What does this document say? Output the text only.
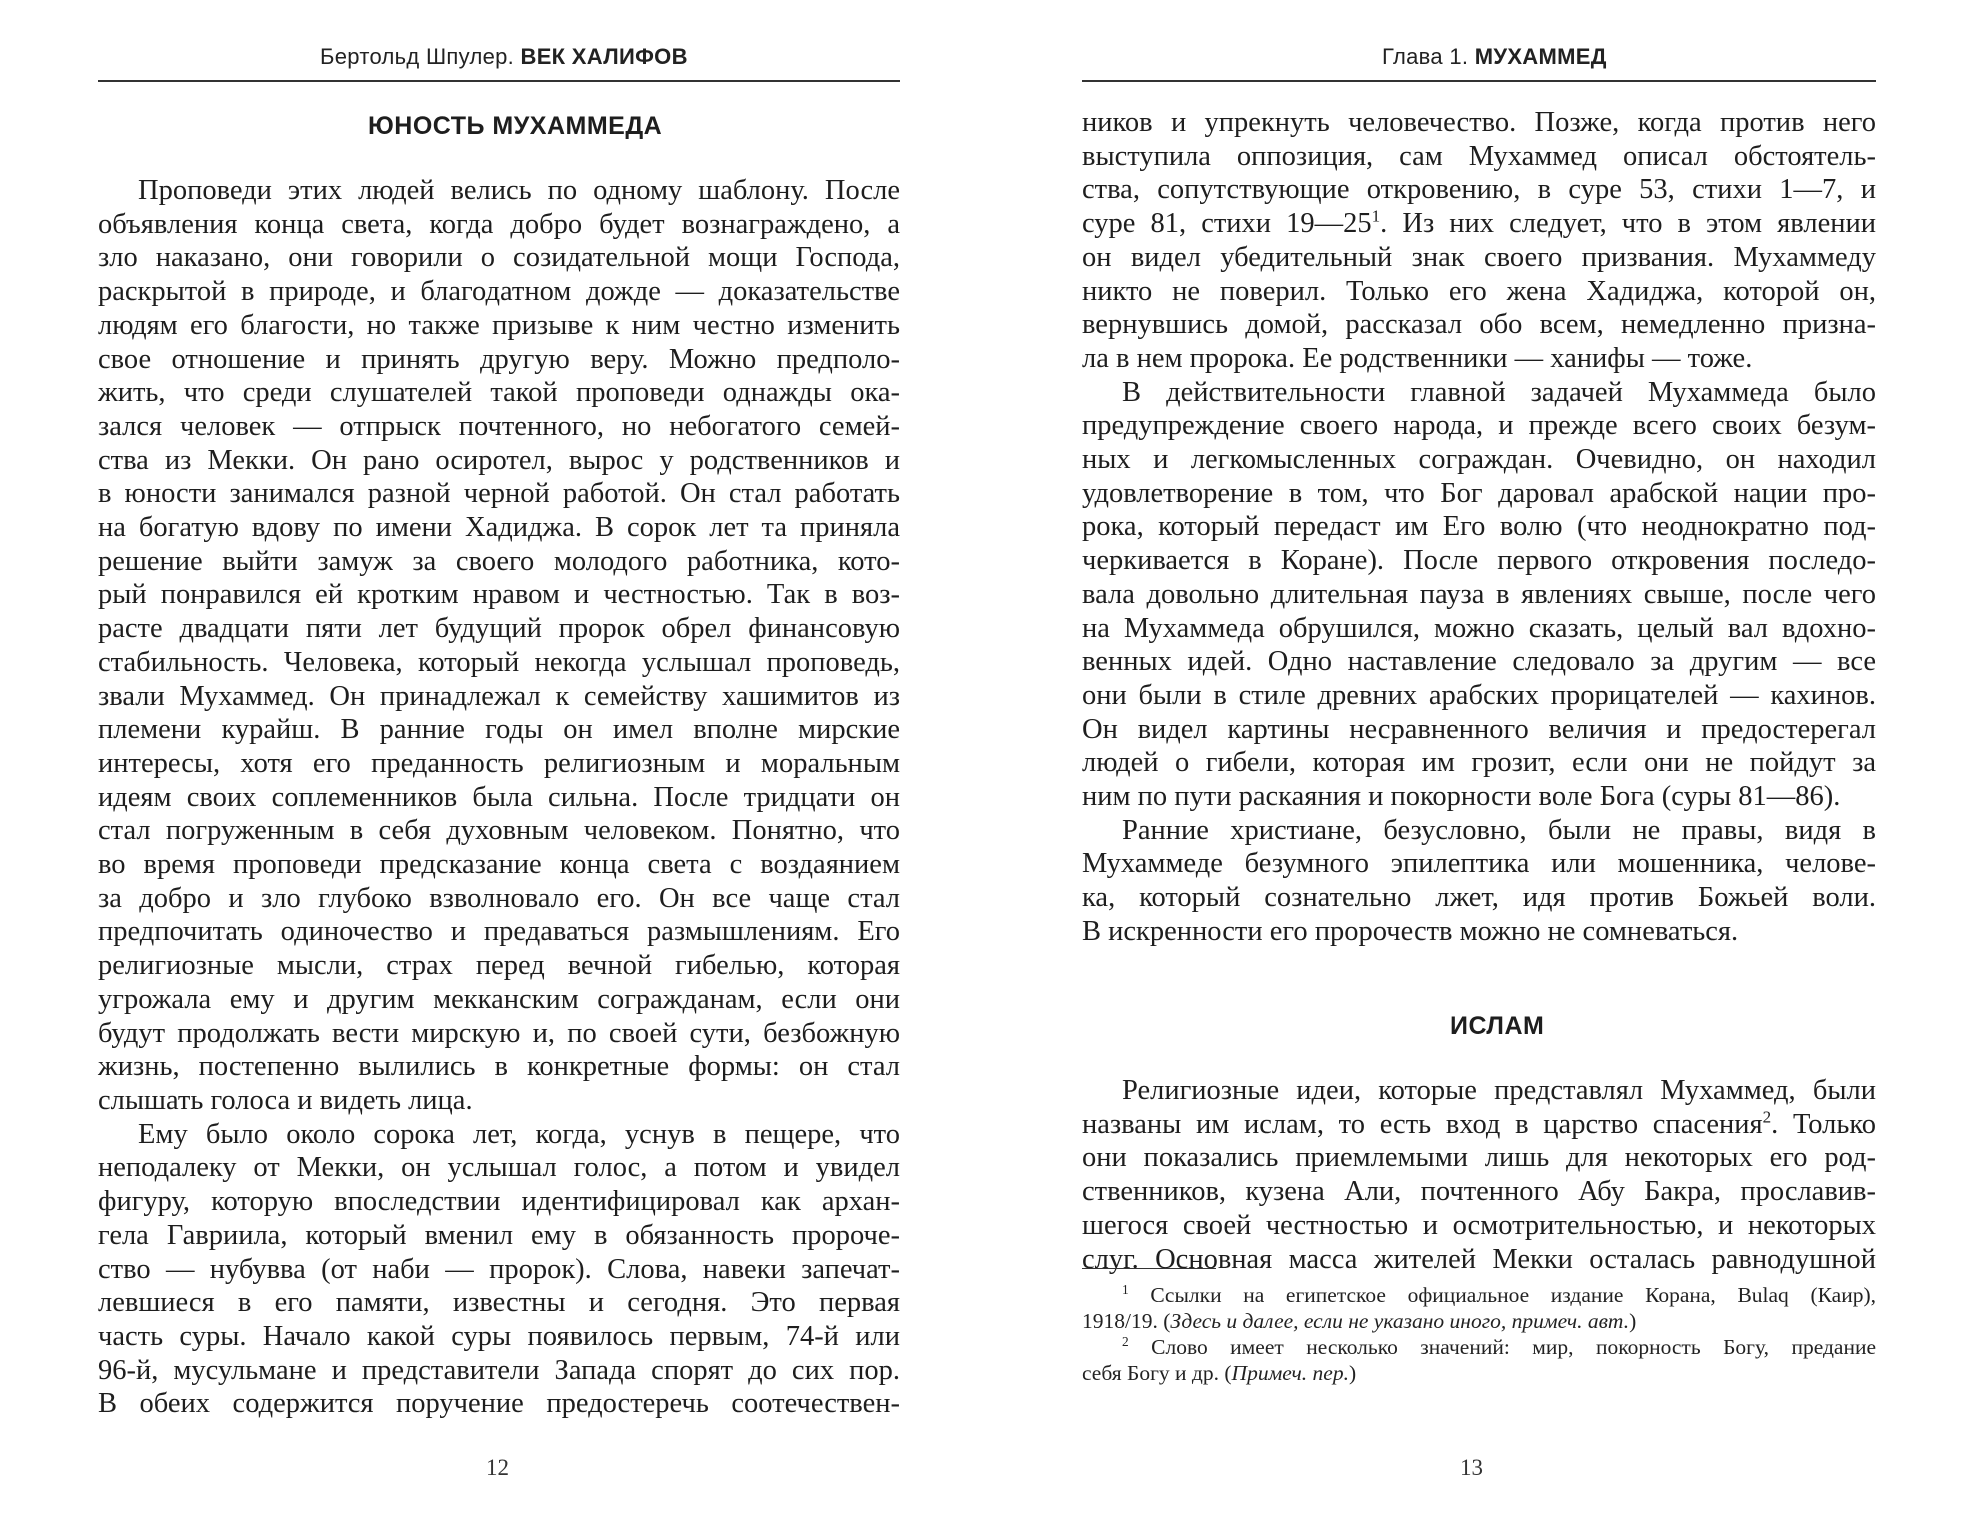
Бертольд Шпулер. ВЕК ХАЛИФОВ
ЮНОСТЬ МУХАММЕДА
Проповеди этих людей велись по одному шаблону. После
объявления конца света, когда добро будет вознаграждено, а
зло наказано, они говорили о созидательной мощи Господа,
раскрытой в природе, и благодатном дожде — доказательстве
людям его благости, но также призыве к ним честно изменить
свое отношение и принять другую веру. Можно предполо-
жить, что среди слушателей такой проповеди однажды ока-
зался человек — отпрыск почтенного, но небогатого семей-
ства из Мекки. Он рано осиротел, вырос у родственников и
в юности занимался разной черной работой. Он стал работать
на богатую вдову по имени Хадиджа. В сорок лет та приняла
решение выйти замуж за своего молодого работника, кото-
рый понравился ей кротким нравом и честностью. Так в воз-
расте двадцати пяти лет будущий пророк обрел финансовую
стабильность. Человека, который некогда услышал проповедь,
звали Мухаммед. Он принадлежал к семейству хашимитов из
племени курайш. В ранние годы он имел вполне мирские
интересы, хотя его преданность религиозным и моральным
идеям своих соплеменников была сильна. После тридцати он
стал погруженным в себя духовным человеком. Понятно, что
во время проповеди предсказание конца света с воздаянием
за добро и зло глубоко взволновало его. Он все чаще стал
предпочитать одиночество и предаваться размышлениям. Его
религиозные мысли, страх перед вечной гибелью, которая
угрожала ему и другим мекканским согражданам, если они
будут продолжать вести мирскую и, по своей сути, безбожную
жизнь, постепенно вылились в конкретные формы: он стал
слышать голоса и видеть лица.
Ему было около сорока лет, когда, уснув в пещере, что
неподалеку от Мекки, он услышал голос, а потом и увидел
фигуру, которую впоследствии идентифицировал как архан-
гела Гавриила, который вменил ему в обязанность пророче-
ство — нубувва (от наби — пророк). Слова, навеки запечат-
левшиеся в его памяти, известны и сегодня. Это первая
часть суры. Начало какой суры появилось первым, 74-й или
96-й, мусульмане и представители Запада спорят до сих пор.
В обеих содержится поручение предостеречь соотечествен-
12
Глава 1. МУХАММЕД
ников и упрекнуть человечество. Позже, когда против него
выступила оппозиция, сам Мухаммед описал обстоятель-
ства, сопутствующие откровению, в суре 53, стихи 1—7, и
суре 81, стихи $19—25^1$. Из них следует, что в этом явлении
он видел убедительный знак своего призвания. Мухаммеду
никто не поверил. Только его жена Хадиджа, которой он,
вернувшись домой, рассказал обо всем, немедленно призна-
ла в нем пророка. Ее родственники — ханифы — тоже.
В действительности главной задачей Мухаммеда было
предупреждение своего народа, и прежде всего своих безум-
ных и легкомысленных сограждан. Очевидно, он находил
удовлетворение в том, что Бог даровал арабской нации про-
рока, который передаст им Его волю (что неоднократно под-
черкивается в Коране). После первого откровения последо-
вала довольно длительная пауза в явлениях свыше, после чего
на Мухаммеда обрушился, можно сказать, целый вал вдохно-
венных идей. Одно наставление следовало за другим — все
они были в стиле древних арабских прорицателей — кахинов.
Он видел картины несравненного величия и предостерегал
людей о гибели, которая им грозит, если они не пойдут за
ним по пути раскаяния и покорности воле Бога (суры 81—86).
Ранние христиане, безусловно, были не правы, видя в
Мухаммеде безумного эпилептика или мошенника, челове-
ка, который сознательно лжет, идя против Божьей воли.
В искренности его пророчеств можно не сомневаться.
ИСЛАМ
Религиозные идеи, которые представлял Мухаммед, были
названы им ислам, то есть вход в царство спасения$^2$. Только
они показались приемлемыми лишь для некоторых его род-
ственников, кузена Али, почтенного Абу Бакра, прославив-
шегося своей честностью и осмотрительностью, и некоторых
слуг. Основная масса жителей Мекки осталась равнодушной
$^1$ Ссылки на египетское официальное издание Корана, Bulaq (Каир),
1918/19. (Здесь и далее, если не указано иного, примеч. авт.)
$^2$ Слово имеет несколько значений: мир, покорность Богу, предание
себя Богу и др. (Примеч. пер.)
13
